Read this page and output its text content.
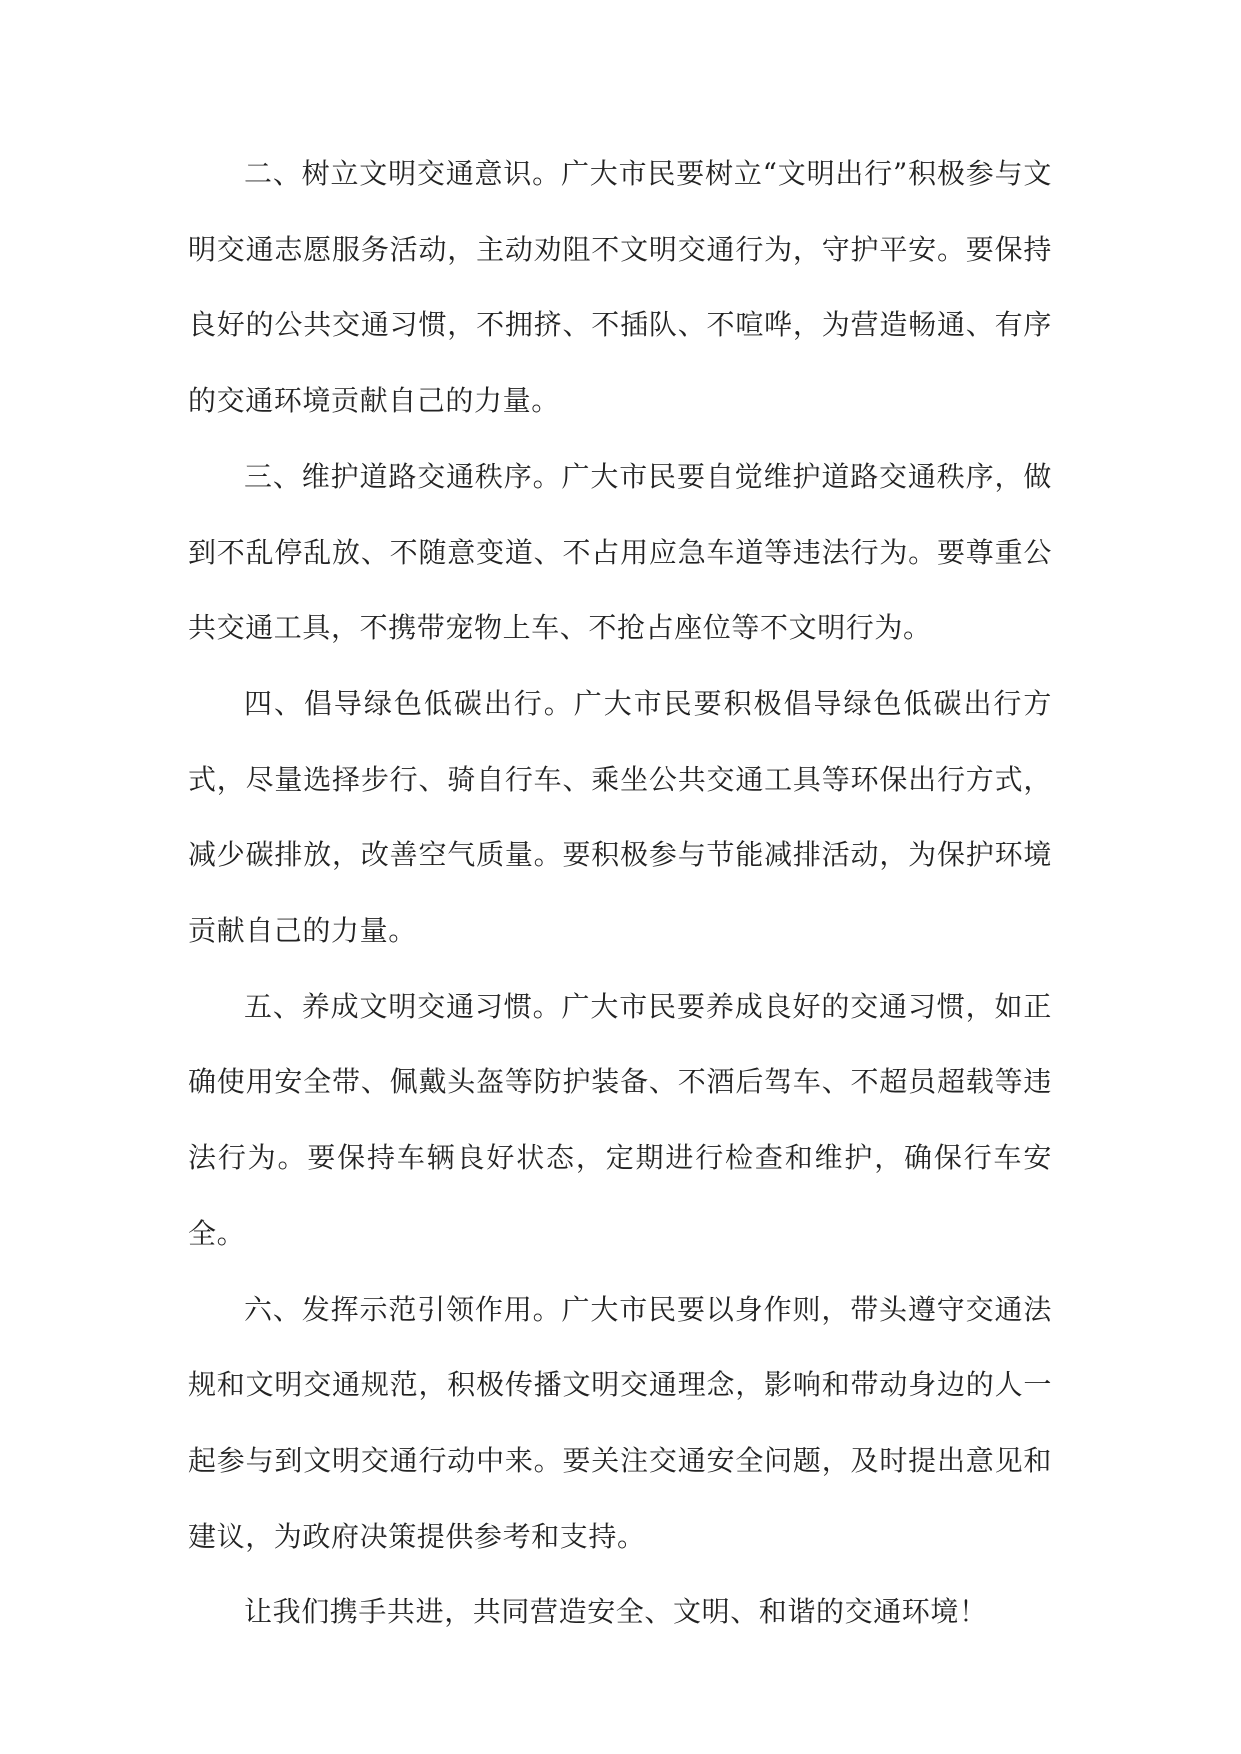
二、树立文明交通意识。广大市民要树立“文明出行”积极参与文明交通志愿服务活动，主动劝阻不文明交通行为，守护平安。要保持良好的公共交通习惯，不拥挤、不插队、不喧哗，为营造畅通、有序的交通环境贡献自己的力量。

三、维护道路交通秩序。广大市民要自觉维护道路交通秩序，做到不乱停乱放、不随意变道、不占用应急车道等违法行为。要尊重公共交通工具，不携带宠物上车、不抢占座位等不文明行为。

四、倡导绿色低碳出行。广大市民要积极倡导绿色低碳出行方式，尽量选择步行、骑自行车、乘坐公共交通工具等环保出行方式，减少碳排放，改善空气质量。要积极参与节能减排活动，为保护环境贡献自己的力量。

五、养成文明交通习惯。广大市民要养成良好的交通习惯，如正确使用安全带、佩戴头盔等防护装备、不酒后驾车、不超员超载等违法行为。要保持车辆良好状态，定期进行检查和维护，确保行车安全。

六、发挥示范引领作用。广大市民要以身作则，带头遵守交通法规和文明交通规范，积极传播文明交通理念，影响和带动身边的人一起参与到文明交通行动中来。要关注交通安全问题，及时提出意见和建议，为政府决策提供参考和支持。

让我们携手共进，共同营造安全、文明、和谐的交通环境！
